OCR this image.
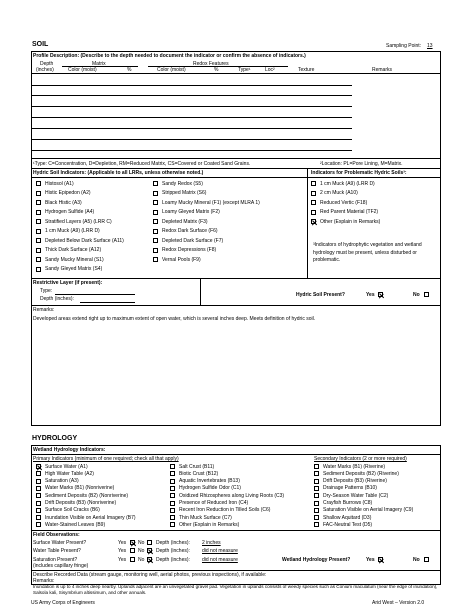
SOIL	Sampling Point: 13
Profile Description: (Describe to the depth needed to document the indicator or confirm the absence of indicators.)
Depth
(inches)
Matrix
Color (moist)	%
Redox Features
Color (moist)	%	Type¹	Loc²	Texture	Remarks
¹Type: C=Concentration, D=Depletion, RM=Reduced Matrix, CS=Covered or Coated Sand Grains.	²Location: PL=Pore Lining, M=Matrix.
Hydric Soil Indicators: (Applicable to all LRRs, unless otherwise noted.)	Indicators for Problematic Hydric Soils³:
Histosol (A1)
Histic Epipedon (A2)
Black Histic (A3)
Hydrogen Sulfide (A4)
Stratified Layers (A5) (LRR C)
1 cm Muck (A9) (LRR D)
Depleted Below Dark Surface (A11)
Thick Dark Surface (A12)
Sandy Mucky Mineral (S1)
Sandy Gleyed Matrix (S4)
Sandy Redox (S5)
Stripped Matrix (S6)
Loamy Mucky Mineral (F1) (except MLRA 1)
Loamy Gleyed Matrix (F2)
Depleted Matrix (F3)
Redox Dark Surface (F6)
Depleted Dark Surface (F7)
Redox Depressions (F8)
Vernal Pools (F9)
1 cm Muck (A9) (LRR D)
2 cm Muck (A10)
Reduced Vertic (F18)
Red Parent Material (TF2)
Other (Explain in Remarks)
³Indicators of hydrophytic vegetation and wetland hydrology must be present, unless disturbed or problematic.
Restrictive Layer (if present):
Type:
Depth (inches):
Hydric Soil Present?	Yes	No
Remarks:
Developed areas extend right up to maximum extent of open water, which is several inches deep. Meets definition of hydric soil.
HYDROLOGY
Wetland Hydrology Indicators:
Primary Indicators (minimum of one required; check all that apply)	Secondary Indicators (2 or more required)
Surface Water (A1)
High Water Table (A2)
Saturation (A3)
Water Marks (B1) (Nonriverine)
Sediment Deposits (B2) (Nonriverine)
Drift Deposits (B3) (Nonriverine)
Surface Soil Cracks (B6)
Inundation Visible on Aerial Imagery (B7)
Water-Stained Leaves (B9)
Salt Crust (B11)
Biotic Crust (B12)
Aquatic Invertebrates (B13)
Hydrogen Sulfide Odor (C1)
Oxidized Rhizospheres along Living Roots (C3)
Presence of Reduced Iron (C4)
Recent Iron Reduction in Tilled Soils (C6)
Thin Muck Surface (C7)
Other (Explain in Remarks)
Water Marks (B1) (Riverine)
Sediment Deposits (B2) (Riverine)
Drift Deposits (B3) (Riverine)
Drainage Patterns (B10)
Dry-Season Water Table (C2)
Crayfish Burrows (C8)
Saturation Visible on Aerial Imagery (C9)
Shallow Aquitard (D3)
FAC-Neutral Test (D5)
Field Observations:
Surface Water Present?	Yes No Depth (inches): 2 inches
Water Table Present?	Yes No Depth (inches): did not measure
Saturation Present?
(includes capillary fringe)
Yes No Depth (inches): did not measure	Wetland Hydrology Present?	Yes	No
Describe Recorded Data (stream gauge, monitoring well, aerial photos, previous inspections), if available:
Remarks:
Inundation is up to 4 inches deep nearby. Uplands adjacent are an unvegetated gravel pad. Vegetation in uplands consists of weedy species such as Conium maculatum (near the edge of inundation), Salsola kali, Sisymbrium altissimum, and other annuals.
US Army Corps of Engineers	Arid West – Version 2.0
